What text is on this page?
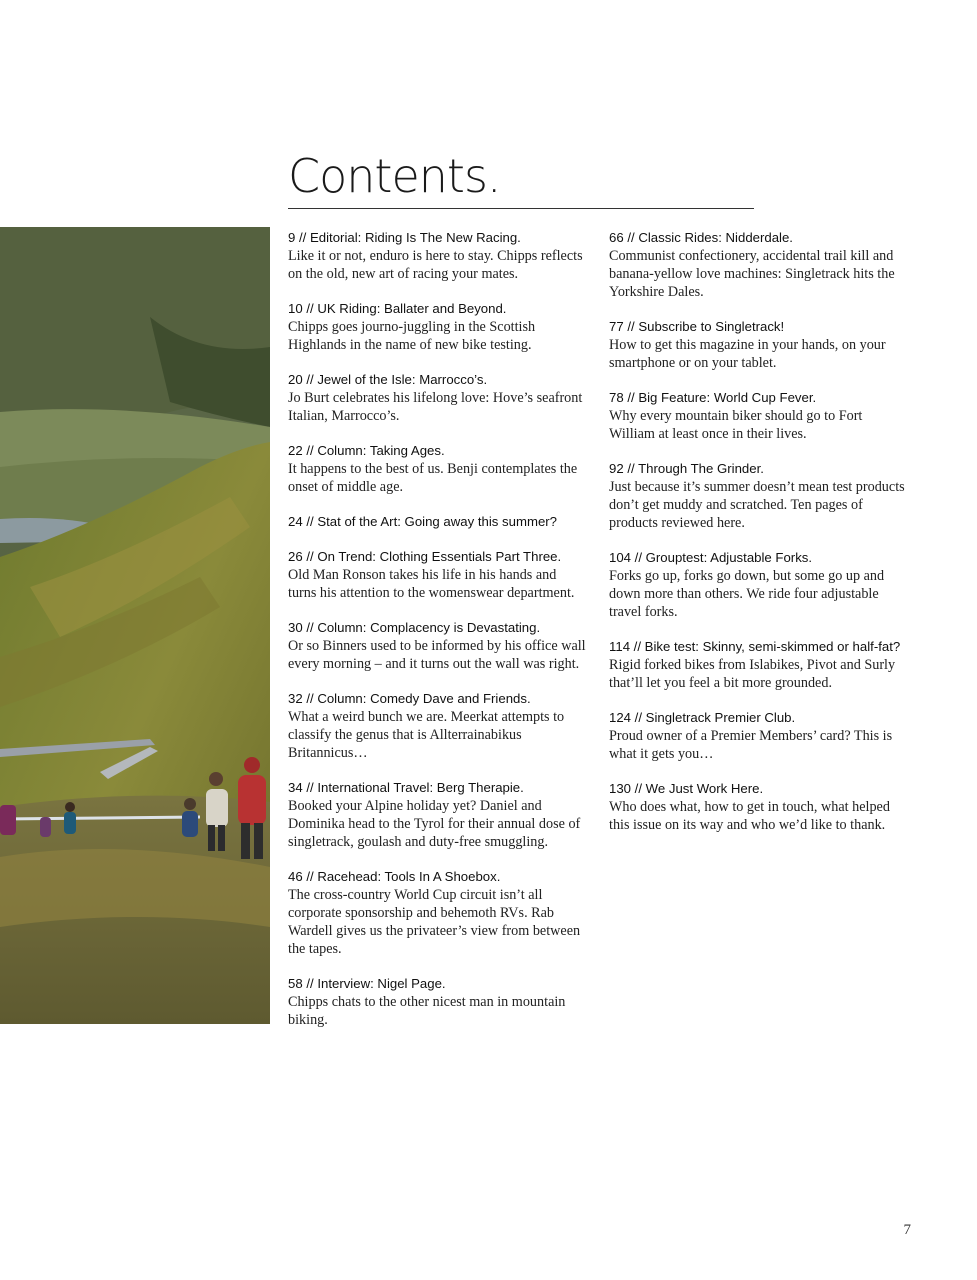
Contents.

9 // Editorial: Riding Is The New Racing.

Like it or not, enduro is here to stay. Chipps reflects on the old, new art of racing your mates.

10 // UK Riding: Ballater and Beyond.

Chipps goes journo-juggling in the Scottish Highlands in the name of new bike testing.

20 // Jewel of the Isle: Marrocco’s.

Jo Burt celebrates his lifelong love: Hove’s seafront Italian, Marrocco’s.

22 // Column: Taking Ages.

It happens to the best of us. Benji contemplates the onset of middle age.

24 // Stat of the Art: Going away this summer?

26 // On Trend: Clothing Essentials Part Three.

Old Man Ronson takes his life in his hands and turns his attention to the womenswear department.

30 // Column: Complacency is Devastating.

Or so Binners used to be informed by his office wall every morning – and it turns out the wall was right.

32 // Column: Comedy Dave and Friends.

What a weird bunch we are. Meerkat attempts to classify the genus that is Allterrainabikus Britannicus…

34 // International Travel: Berg Therapie.

Booked your Alpine holiday yet? Daniel and Dominika head to the Tyrol for their annual dose of singletrack, goulash and duty-free smuggling.

46 // Racehead: Tools In A Shoebox.

The cross-country World Cup circuit isn’t all corporate sponsorship and behemoth RVs. Rab Wardell gives us the privateer’s view from between the tapes.

58 // Interview: Nigel Page.

Chipps chats to the other nicest man in mountain biking.

66 // Classic Rides: Nidderdale.

Communist confectionery, accidental trail kill and banana-yellow love machines: Singletrack hits the Yorkshire Dales.

77 // Subscribe to Singletrack!

How to get this magazine in your hands, on your smartphone or on your tablet.

78 // Big Feature: World Cup Fever.

Why every mountain biker should go to Fort William at least once in their lives.

92 // Through The Grinder.

Just because it’s summer doesn’t mean test products don’t get muddy and scratched. Ten pages of products reviewed here.

104 // Grouptest: Adjustable Forks.

Forks go up, forks go down, but some go up and down more than others. We ride four adjustable travel forks.

114 // Bike test: Skinny, semi-skimmed or half-fat?

Rigid forked bikes from Islabikes, Pivot and Surly that’ll let you feel a bit more grounded.

124 // Singletrack Premier Club.

Proud owner of a Premier Members’ card? This is what it gets you…

130 // We Just Work Here.

Who does what, how to get in touch, what helped this issue on its way and who we’d like to thank.

7
